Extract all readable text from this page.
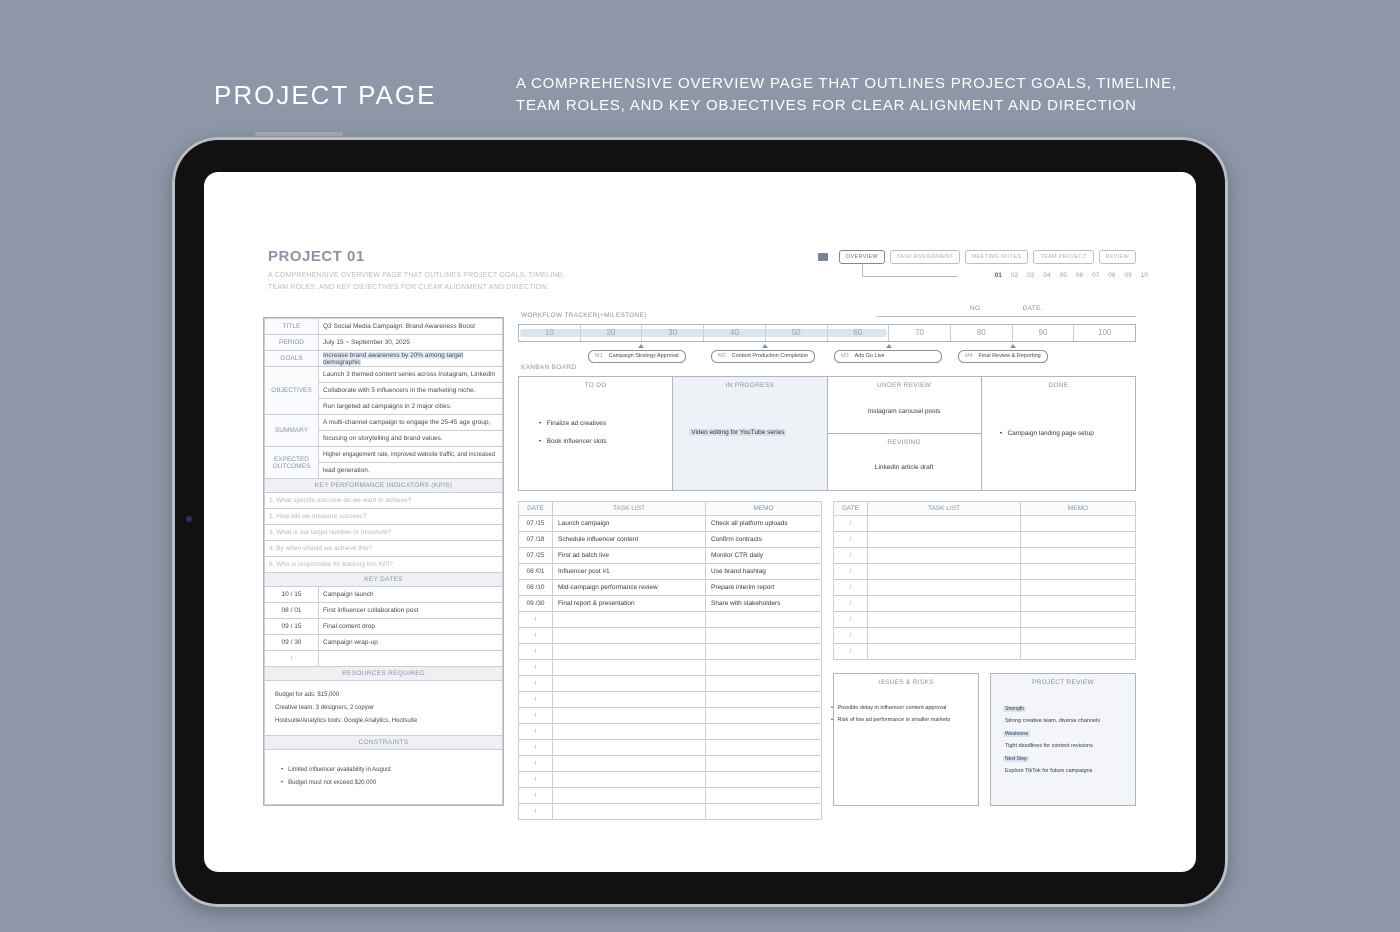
PROJECT PAGE	A COMPREHENSIVE OVERVIEW PAGE THAT OUTLINES PROJECT GOALS, TIMELINE, TEAM ROLES, AND KEY OBJECTIVES FOR CLEAR ALIGNMENT AND DIRECTION
PROJECT 01
A COMPREHENSIVE OVERVIEW PAGE THAT OUTLINES PROJECT GOALS, TIMELINE, TEAM ROLES, AND KEY OBJECTIVES FOR CLEAR ALIGNMENT AND DIRECTION.
OVERVIEW	TASK ASSIGNMENT	MEETING NOTES	TEAM PROJECT	REVIEW
01 02 03 04 05 06 07 08 09 10
NO.	DATE.
TITLE	Q3 Social Media Campaign: Brand Awareness Boost
PERIOD	July 15 ~ September 30, 2025
GOALS	Increase brand awareness by 20% among target demographic
OBJECTIVES	Launch 3 themed content series across Instagram, LinkedIn
	Collaborate with 5 influencers in the marketing niche.
	Run targeted ad campaigns in 2 major cities.
SUMMARY	A multi-channel campaign to engage the 25-45 age group,
	focusing on storytelling and brand values.
EXPECTED OUTCOMES	Higher engagement rate, improved website traffic, and increased
	lead generation.
KEY PERFORMANCE INDICATORS (KPIS)	
1. What specific outcome do we want to achieve?	
2. How will we measure success?	
3. What is our target number or threshold?	
4. By when should we achieve this?	
5. Who is responsible for tracking this KPI?	
KEY DATES	
10 / 15	Campaign launch
08 / 01	First influencer collaboration post
09 / 15	Final content drop
09 / 30	Campaign wrap-up
/	
RESOURCES REQUIRED	

Budget for ads: $15,000
Creative team: 3 designers, 2 copywr
Hootsuite/Analytics tools: Google Analytics, Hootsuite	

CONSTRAINTS	

•   Limited influencer availability in August
•   Budget must not exceed $20,000	
WORKFLOW TRACKER(+MILESTONE)
10	20	30	40	50	60	70	80	90	100
M1 Campaign Strategy Approval	M2 Content Production Completion	M3 Ads Go Live	M4 Final Review & Reporting
KANBAN BOARD
TO DO
•   Finalize ad creatives
•   Book influencer slots
IN PROGRESS
Video editing for YouTube series
UNDER REVIEW
Instagram carousel posts
REVISING
LinkedIn article draft
DONE
•   Campaign landing page setup
DATE	TASK LIST	MEMO
07 /15	Launch campaign	Check all platform uploads
07 /18	Schedule influencer content	Confirm contracts
07 /25	First ad batch live	Monitor CTR daily
08 /01	Influencer post #1	Use brand hashtag
08 /10	Mid-campaign performance review	Prepare interim report
09 /30	Final report & presentation	Share with stakeholders
/		
/		
/		
/		
/		
/		
/		
/		
/		
/		
/		
/		
/		
DATE	TASK LIST	MEMO
/		
/		
/		
/		
/		
/		
/		
/		
/		
ISSUES & RISKS
•   Possible delay in influencer content approval
•   Risk of low ad performance in smaller markets
PROJECT REVIEW
Strength
Strong creative team, diverse channels
Weakness
Tight deadlines for content revisions
Next Step
Explore TikTok for future campaigns
